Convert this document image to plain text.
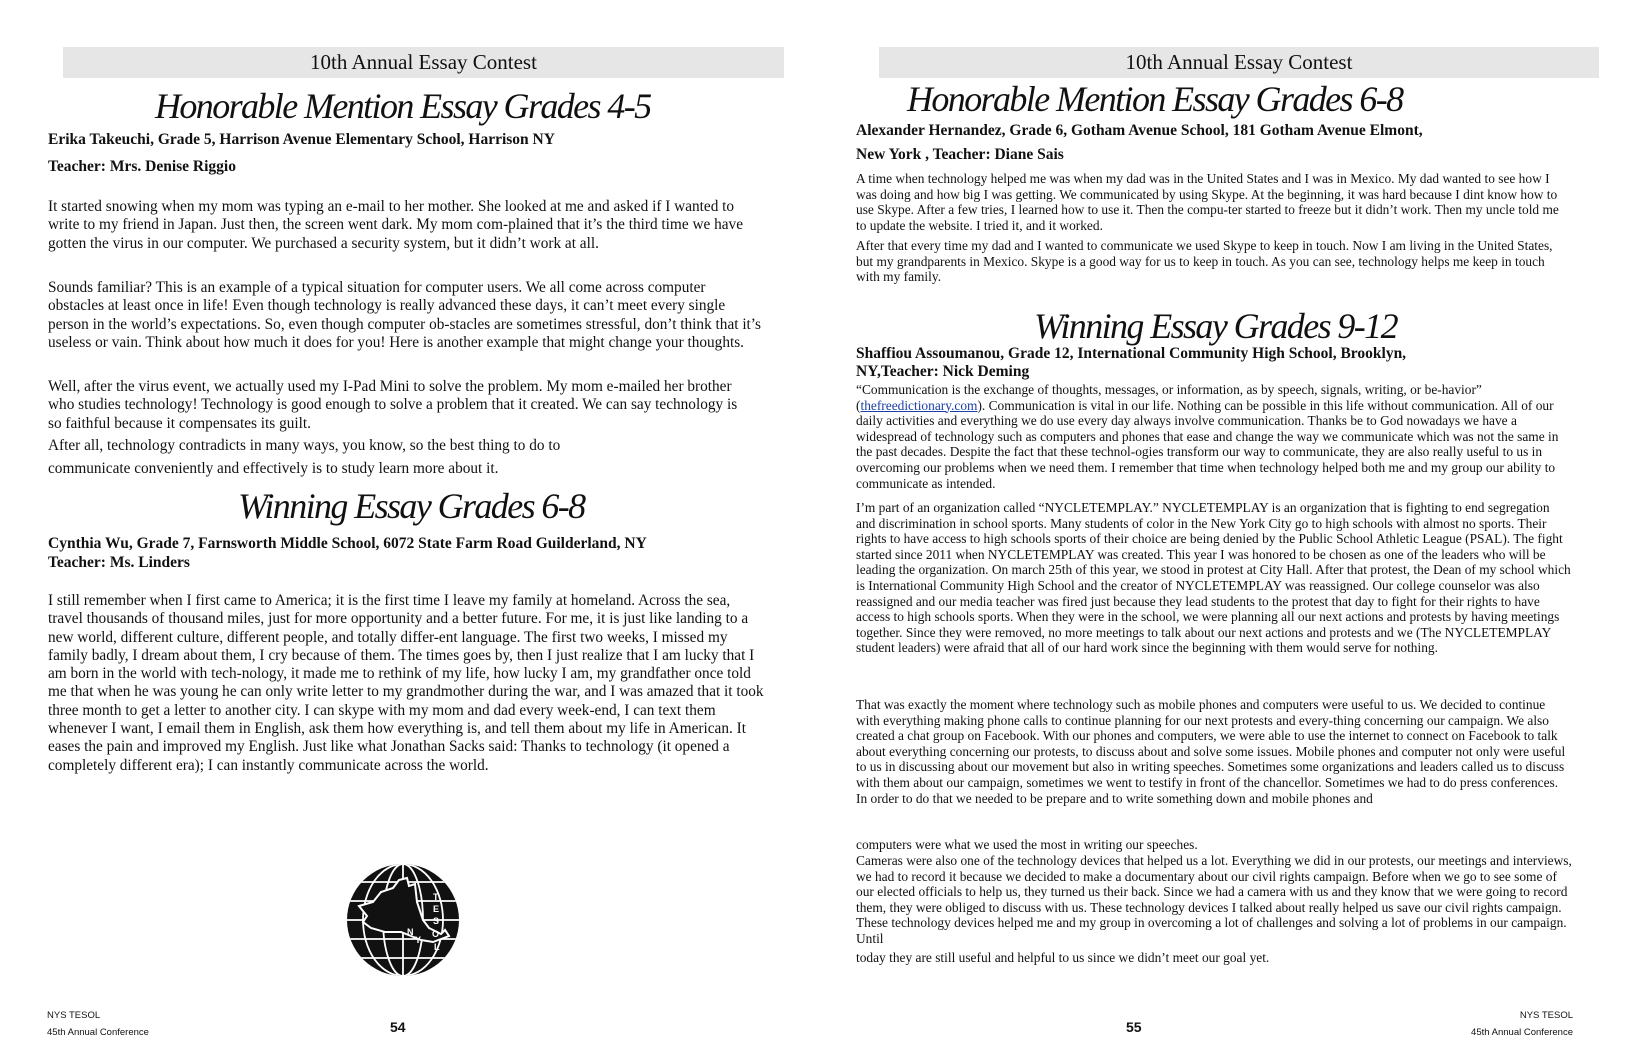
10th Annual Essay Contest
Honorable Mention Essay Grades 4-5
Erika Takeuchi, Grade 5, Harrison Avenue Elementary School, Harrison NY
Teacher: Mrs. Denise Riggio

It started snowing when my mom was typing an e-mail to her mother. She looked at me and asked if I wanted to write to my friend in Japan. Just then, the screen went dark. My mom com-plained that it’s the third time we have gotten the virus in our computer. We purchased a security system, but it didn’t work at all.

Sounds familiar? This is an example of a typical situation for computer users. We all come across computer obstacles at least once in life! Even though technology is really advanced these days, it can’t meet every single person in the world’s expectations. So, even though computer ob-stacles are sometimes stressful, don’t think that it’s useless or vain. Think about how much it does for you! Here is another example that might change your thoughts.

Well, after the virus event, we actually used my I-Pad Mini to solve the problem. My mom e-mailed her brother who studies technology! Technology is good enough to solve a problem that it created. We can say technology is so faithful because it compensates its guilt.

After all, technology contradicts in many ways, you know, so the best thing to do to

communicate conveniently and effectively is to study learn more about it.

Winning Essay Grades 6-8
Cynthia Wu, Grade 7, Farnsworth Middle School, 6072 State Farm Road Guilderland, NY
Teacher: Ms. Linders

I still remember when I first came to America; it is the first time I leave my family at homeland. Across the sea, travel thousands of thousand miles, just for more opportunity and a better future. For me, it is just like landing to a new world, different culture, different people, and totally differ-ent language. The first two weeks, I missed my family badly, I dream about them, I cry because of them. The times goes by, then I just realize that I am lucky that I am born in the world with tech-nology, it made me to rethink of my life, how lucky I am, my grandfather once told me that when he was young he can only write letter to my grandmother during the war, and I was amazed that it took three month to get a letter to another city. I can skype with my mom and dad every week-end, I can text them whenever I want, I email them in English, ask them how everything is, and tell them about my life in American. It eases the pain and improved my English. Just like what Jonathan Sacks said: Thanks to technology (it opened a completely different era); I can instantly communicate across the world.

N
Y
T
E
S
O
L
NYS TESOL
45th Annual Conference	54
10th Annual Essay Contest
Honorable Mention Essay Grades 6-8
Alexander Hernandez, Grade 6, Gotham Avenue School, 181 Gotham Avenue Elmont,
New York , Teacher: Diane Sais

A time when technology helped me was when my dad was in the United States and I was in Mexico. My dad wanted to see how I was doing and how big I was getting. We communicated by using Skype. At the beginning, it was hard because I dint know how to use Skype. After a few tries, I learned how to use it. Then the compu-ter started to freeze but it didn’t work. Then my uncle told me to update the website. I tried it, and it worked.

After that every time my dad and I wanted to communicate we used Skype to keep in touch. Now I am living in the United States, but my grandparents in Mexico. Skype is a good way for us to keep in touch. As you can see, technology helps me keep in touch with my family.

Winning Essay Grades 9-12
Shaffiou Assoumanou, Grade 12, International Community High School, Brooklyn,
NY,Teacher: Nick Deming

“Communication is the exchange of thoughts, messages, or information, as by speech, signals, writing, or be-havior” (thefreedictionary.com). Communication is vital in our life. Nothing can be possible in this life without communication. All of our daily activities and everything we do use every day always involve communication. Thanks be to God nowadays we have a widespread of technology such as computers and phones that ease and change the way we communicate which was not the same in the past decades. Despite the fact that these technol-ogies transform our way to communicate, they are also really useful to us in overcoming our problems when we need them. I remember that time when technology helped both me and my group our ability to communicate as intended.

I’m part of an organization called “NYCLETEMPLAY.” NYCLETEMPLAY is an organization that is fighting to end segregation and discrimination in school sports. Many students of color in the New York City go to high schools with almost no sports. Their rights to have access to high schools sports of their choice are being denied by the Public School Athletic League (PSAL). The fight started since 2011 when NYCLETEMPLAY was created. This year I was honored to be chosen as one of the leaders who will be leading the organization. On march 25th of this year, we stood in protest at City Hall. After that protest, the Dean of my school which is International Community High School and the creator of NYCLETEMPLAY was reassigned. Our college counselor was also reassigned and our media teacher was fired just because they lead students to the protest that day to fight for their rights to have access to high schools sports. When they were in the school, we were planning all our next actions and protests by having meetings together. Since they were removed, no more meetings to talk about our next actions and protests and we (The NYCLETEMPLAY student leaders) were afraid that all of our hard work since the beginning with them would serve for nothing.

That was exactly the moment where technology such as mobile phones and computers were useful to us. We decided to continue with everything making phone calls to continue planning for our next protests and every-thing concerning our campaign. We also created a chat group on Facebook. With our phones and computers, we were able to use the internet to connect on Facebook to talk about everything concerning our protests, to discuss about and solve some issues. Mobile phones and computer not only were useful to us in discussing about our movement but also in writing speeches. Sometimes some organizations and leaders called us to discuss with them about our campaign, sometimes we went to testify in front of the chancellor. Sometimes we had to do press conferences. In order to do that we needed to be prepare and to write something down and mobile phones and

computers were what we used the most in writing our speeches.

Cameras were also one of the technology devices that helped us a lot. Everything we did in our protests, our meetings and interviews, we had to record it because we decided to make a documentary about our civil rights campaign. Before when we go to see some of our elected officials to help us, they turned us their back. Since we had a camera with us and they know that we were going to record them, they were obliged to discuss with us. These technology devices I talked about really helped us save our civil rights campaign. These technology devices helped me and my group in overcoming a lot of challenges and solving a lot of problems in our campaign. Until

today they are still useful and helpful to us since we didn’t meet our goal yet.

55
NYS TESOL
45th Annual Conference
